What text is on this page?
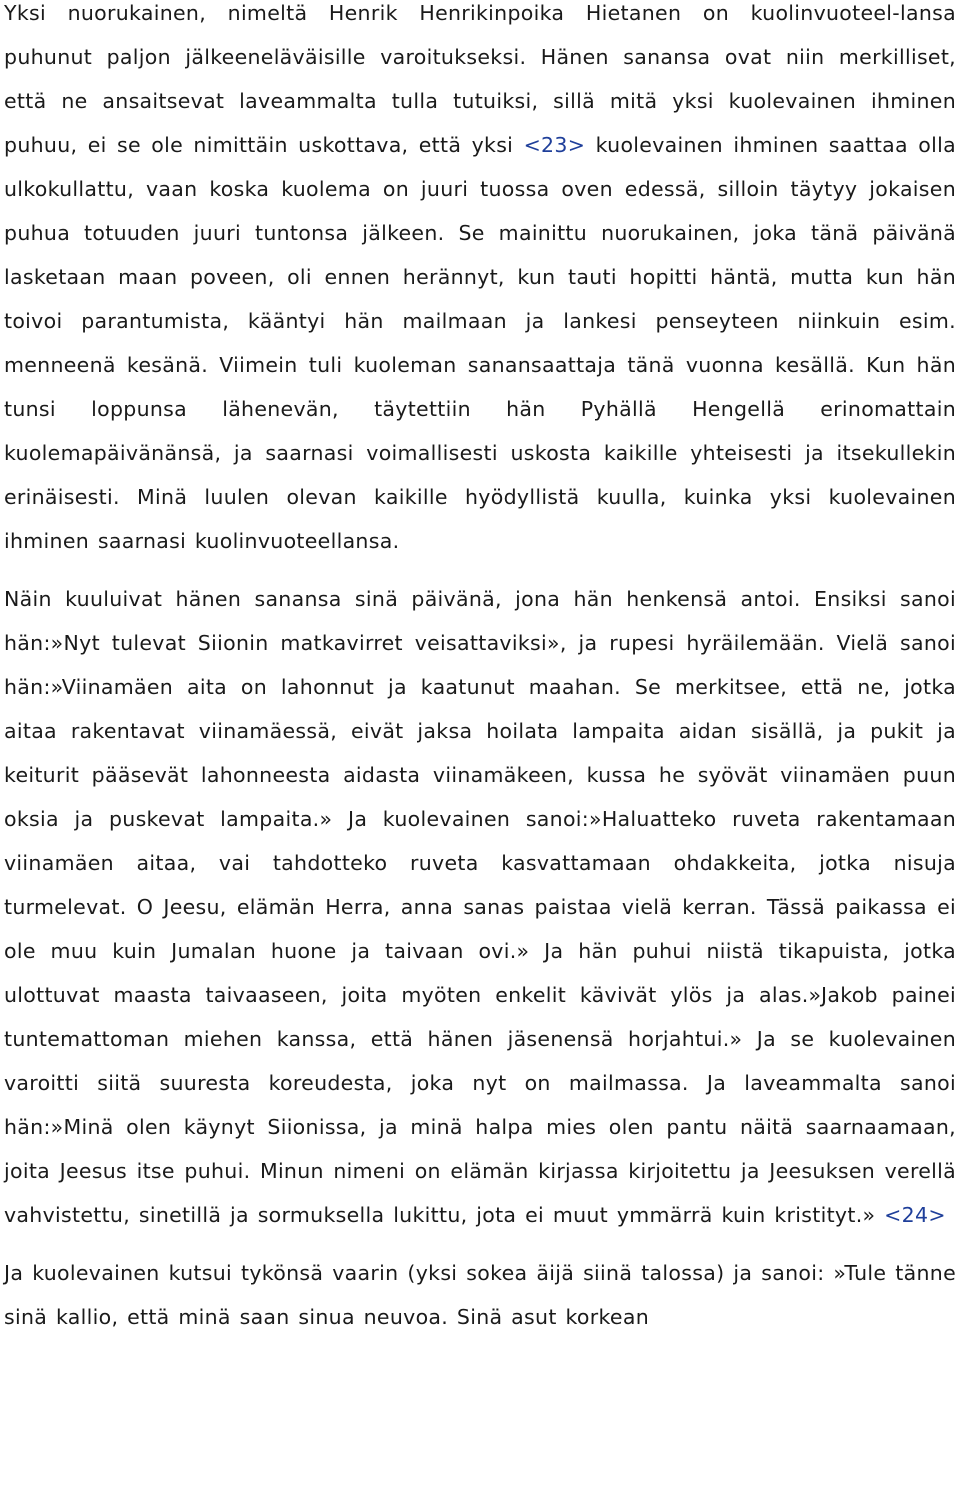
Yksi nuorukainen, nimeltä Henrik Henrikinpoika Hietanen on kuolinvuoteel-lansa puhunut paljon jälkeeneläväisille varoitukseksi. Hänen sanansa ovat niin merkilliset, että ne ansaitsevat laveammalta tulla tutuiksi, sillä mitä yksi kuolevainen ihminen puhuu, ei se ole nimittäin uskottava, että yksi <23> kuolevainen ihminen saattaa olla ulkokullattu, vaan koska kuolema on juuri tuossa oven edessä, silloin täytyy jokaisen puhua totuuden juuri tuntonsa jälkeen. Se mainittu nuorukainen, joka tänä päivänä lasketaan maan poveen, oli ennen herännyt, kun tauti hopitti häntä, mutta kun hän toivoi parantumista, kääntyi hän mailmaan ja lankesi penseyteen niinkuin esim. menneenä kesänä. Viimein tuli kuoleman sanansaattaja tänä vuonna kesällä. Kun hän tunsi loppunsa lähenevän, täytettiin hän Pyhällä Hengellä erinomattain kuolemapäivänänsä, ja saarnasi voimallisesti uskosta kaikille yhteisesti ja itsekullekin erinäisesti. Minä luulen olevan kaikille hyödyllistä kuulla, kuinka yksi kuolevainen ihminen saarnasi kuolinvuoteellansa.

Näin kuuluivat hänen sanansa sinä päivänä, jona hän henkensä antoi. Ensiksi sanoi hän:»Nyt tulevat Siionin matkavirret veisattaviksi», ja rupesi hyräilemään. Vielä sanoi hän:»Viinamäen aita on lahonnut ja kaatunut maahan. Se merkitsee, että ne, jotka aitaa rakentavat viinamäessä, eivät jaksa hoilata lampaita aidan sisällä, ja pukit ja keiturit pääsevät lahonneesta aidasta viinamäkeen, kussa he syövät viinamäen puun oksia ja puskevat lampaita.» Ja kuolevainen sanoi:»Haluatteko ruveta rakentamaan viinamäen aitaa, vai tahdotteko ruveta kasvattamaan ohdakkeita, jotka nisuja turmelevat. O Jeesu, elämän Herra, anna sanas paistaa vielä kerran. Tässä paikassa ei ole muu kuin Jumalan huone ja taivaan ovi.» Ja hän puhui niistä tikapuista, jotka ulottuvat maasta taivaaseen, joita myöten enkelit kävivät ylös ja alas.»Jakob painei tuntemattoman miehen kanssa, että hänen jäsenensä horjahtui.» Ja se kuolevainen varoitti siitä suuresta koreudesta, joka nyt on mailmassa. Ja laveammalta sanoi hän:»Minä olen käynyt Siionissa, ja minä halpa mies olen pantu näitä saarnaamaan, joita Jeesus itse puhui. Minun nimeni on elämän kirjassa kirjoitettu ja Jeesuksen verellä vahvistettu, sinetillä ja sormuksella lukittu, jota ei muut ymmärrä kuin kristityt.» <24>

Ja kuolevainen kutsui tykönsä vaarin (yksi sokea äijä siinä talossa) ja sanoi: »Tule tänne sinä kallio, että minä saan sinua neuvoa. Sinä asut korkean
